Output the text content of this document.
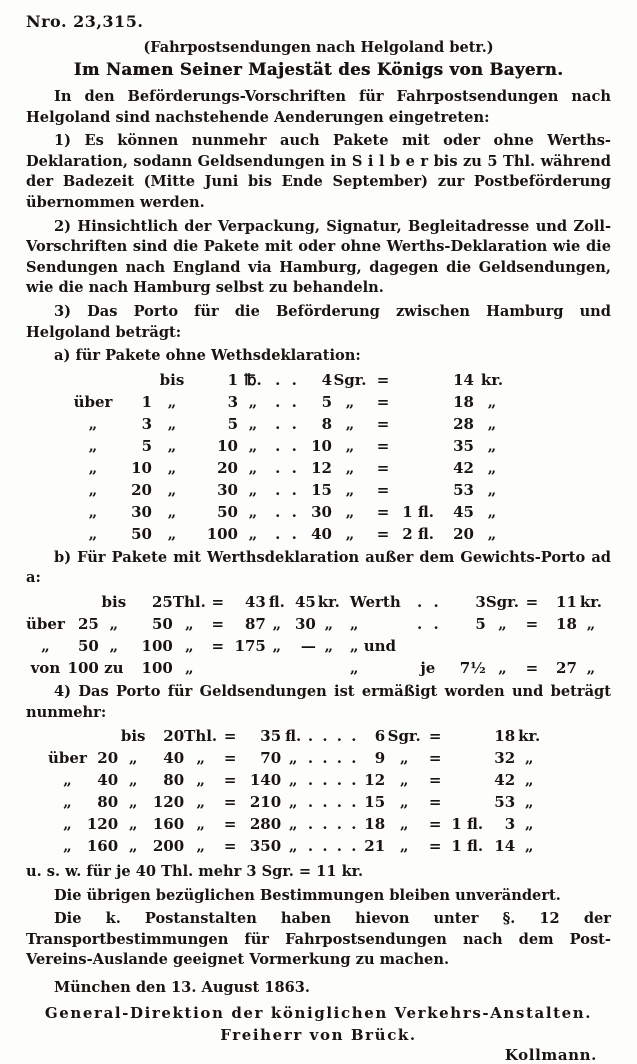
Nro. 23,315.
(Fahrpostsendungen nach Helgoland betr.)
Im Namen Seiner Majestät des Königs von Bayern.

In den Beförderungs-Vorschriften für Fahrpostsendungen nach Helgoland sind nachstehende Aenderungen eingetreten:

1) Es können nunmehr auch Pakete mit oder ohne Werths-Deklaration, sodann Geldsendungen in S i l b e r bis zu 5 Thl. während der Badezeit (Mitte Juni bis Ende September) zur Postbeförderung übernommen werden.

2) Hinsichtlich der Verpackung, Signatur, Begleitadresse und Zoll-Vorschriften sind die Pakete mit oder ohne Werths-Deklaration wie die Sendungen nach England via Hamburg, dagegen die Geldsendungen, wie die nach Hamburg selbst zu behandeln.

3) Das Porto für die Beförderung zwischen Hamburg und Helgoland beträgt:

a) für Pakete ohne Wethsdeklaration:

		bis	1	℔.	. .	4	Sgr.	=		14	kr.
über	1	„	3	„	. .	5	„	=		18	„
„	3	„	5	„	. .	8	„	=		28	„
„	5	„	10	„	. .	10	„	=		35	„
„	10	„	20	„	. .	12	„	=		42	„
„	20	„	30	„	. .	15	„	=		53	„
„	30	„	50	„	. .	30	„	=	1 fl.	45	„
„	50	„	100	„	. .	40	„	=	2 fl.	20	„

b) Für Pakete mit Werthsdeklaration außer dem Gewichts-Porto ad a:

		bis	25	Thl.	=	43	fl.	45	kr.	Werth	. .	3	Sgr.	=	11	kr.
über	25	„	50	„	=	87	„	30	„	„	. .	5	„	=	18	„
„	50	„	100	„	=	175	„	—	„	„ und						
von	100	zu	100	„						„	je	7½	„	=	27	„

4) Das Porto für Geldsendungen ist ermäßigt worden und beträgt nunmehr:

		bis	20	Thl.	=	35	fl.	. . . .	6	Sgr.	=		18	kr.
über	20	„	40	„	=	70	„	. . . .	9	„	=		32	„
„	40	„	80	„	=	140	„	. . . .	12	„	=		42	„
„	80	„	120	„	=	210	„	. . . .	15	„	=		53	„
„	120	„	160	„	=	280	„	. . . .	18	„	=	1 fl.	3	„
„	160	„	200	„	=	350	„	. . . .	21	„	=	1 fl.	14	„

u. s. w. für je 40 Thl. mehr 3 Sgr. = 11 kr.

Die übrigen bezüglichen Bestimmungen bleiben unverändert.

Die k. Postanstalten haben hievon unter §. 12 der Transportbestimmungen für Fahrpostsendungen nach dem Post-Vereins-Auslande geeignet Vormerkung zu machen.

München den 13. August 1863.

General-Direktion der königlichen Verkehrs-Anstalten.
Freiherr von Brück.
Kollmann.
